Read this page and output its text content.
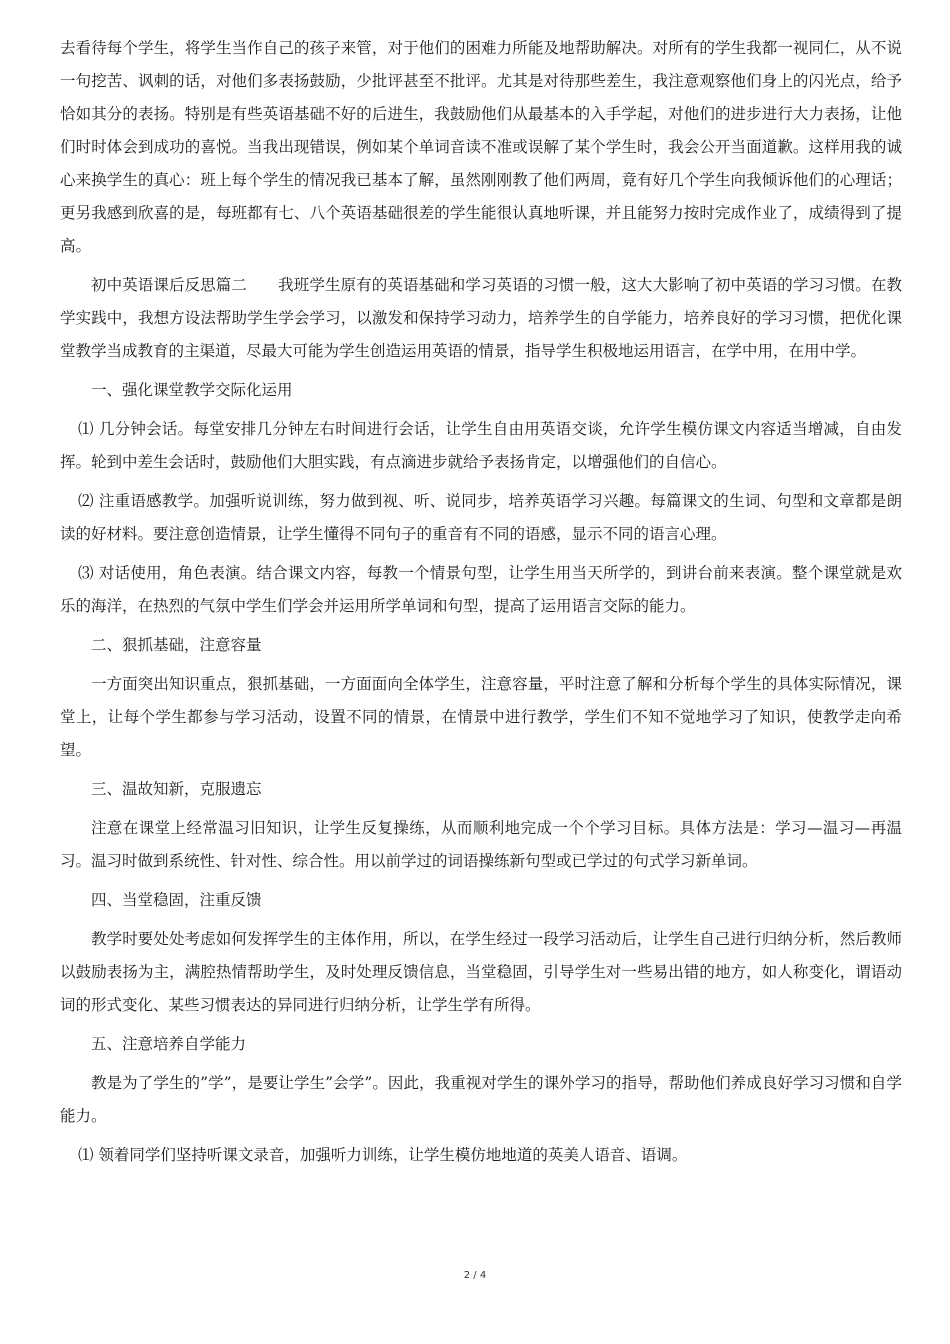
去看待每个学生，将学生当作自己的孩子来管，对于他们的困难力所能及地帮助解决。对所有的学生我都一视同仁，从不说一句挖苦、讽刺的话，对他们多表扬鼓励，少批评甚至不批评。尤其是对待那些差生，我注意观察他们身上的闪光点，给予恰如其分的表扬。特别是有些英语基础不好的后进生，我鼓励他们从最基本的入手学起，对他们的进步进行大力表扬，让他们时时体会到成功的喜悦。当我出现错误，例如某个单词音读不准或误解了某个学生时，我会公开当面道歉。这样用我的诚心来换学生的真心：班上每个学生的情况我已基本了解，虽然刚刚教了他们两周，竟有好几个学生向我倾诉他们的心理话；更另我感到欣喜的是，每班都有七、八个英语基础很差的学生能很认真地听课，并且能努力按时完成作业了，成绩得到了提高。

初中英语课后反思篇二　　我班学生原有的英语基础和学习英语的习惯一般，这大大影响了初中英语的学习习惯。在教学实践中，我想方设法帮助学生学会学习，以激发和保持学习动力，培养学生的自学能力，培养良好的学习习惯，把优化课堂教学当成教育的主渠道，尽最大可能为学生创造运用英语的情景，指导学生积极地运用语言，在学中用，在用中学。

一、强化课堂教学交际化运用

⑴ 几分钟会话。每堂安排几分钟左右时间进行会话，让学生自由用英语交谈，允许学生模仿课文内容适当增减，自由发挥。轮到中差生会话时，鼓励他们大胆实践，有点滴进步就给予表扬肯定，以增强他们的自信心。

⑵ 注重语感教学。加强听说训练，努力做到视、听、说同步，培养英语学习兴趣。每篇课文的生词、句型和文章都是朗读的好材料。要注意创造情景，让学生懂得不同句子的重音有不同的语感，显示不同的语言心理。

⑶ 对话使用，角色表演。结合课文内容，每教一个情景句型，让学生用当天所学的，到讲台前来表演。整个课堂就是欢乐的海洋，在热烈的气氛中学生们学会并运用所学单词和句型，提高了运用语言交际的能力。

二、狠抓基础，注意容量

一方面突出知识重点，狠抓基础，一方面面向全体学生，注意容量，平时注意了解和分析每个学生的具体实际情况，课堂上，让每个学生都参与学习活动，设置不同的情景，在情景中进行教学，学生们不知不觉地学习了知识，使教学走向希望。

三、温故知新，克服遗忘

注意在课堂上经常温习旧知识，让学生反复操练，从而顺利地完成一个个学习目标。具体方法是：学习—温习—再温习。温习时做到系统性、针对性、综合性。用以前学过的词语操练新句型或已学过的句式学习新单词。

四、当堂稳固，注重反馈

教学时要处处考虑如何发挥学生的主体作用，所以，在学生经过一段学习活动后，让学生自己进行归纳分析，然后教师以鼓励表扬为主，满腔热情帮助学生，及时处理反馈信息，当堂稳固，引导学生对一些易出错的地方，如人称变化，谓语动词的形式变化、某些习惯表达的异同进行归纳分析，让学生学有所得。

五、注意培养自学能力

教是为了学生的”学”，是要让学生”会学”。因此，我重视对学生的课外学习的指导，帮助他们养成良好学习习惯和自学能力。

⑴ 领着同学们坚持听课文录音，加强听力训练，让学生模仿地地道的英美人语音、语调。

2 / 4
